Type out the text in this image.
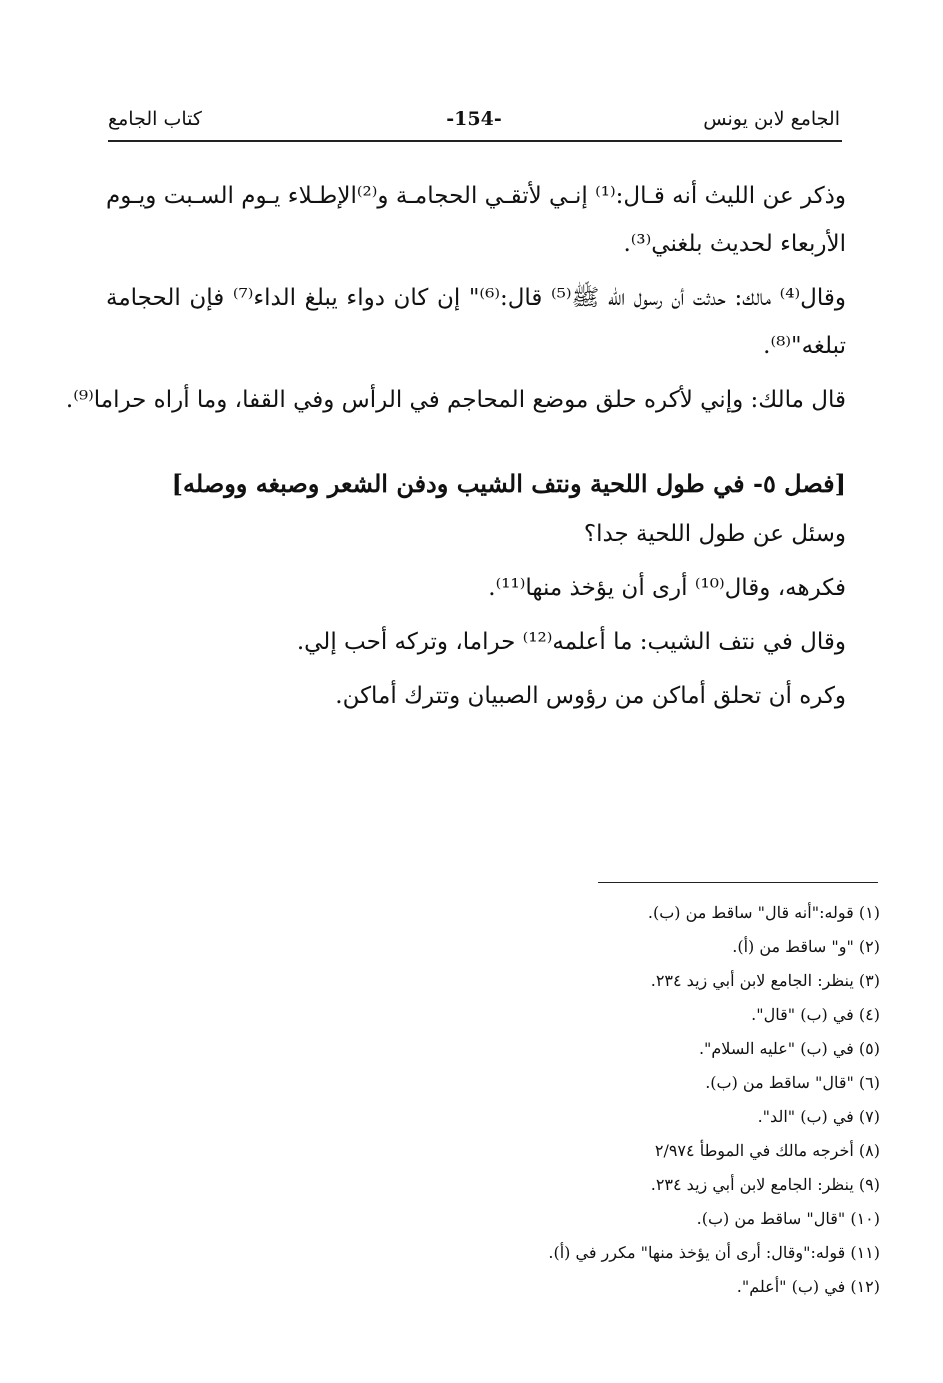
الجامع لابن يونس
-154-
كتاب الجامع

وذكر عن الليث أنه قـال:⁽¹⁾ إنـي لأتقـي الحجامـة و⁽²⁾الإطـلاء يـوم السـبت ويـوم الأربعاء لحديث بلغني⁽³⁾.

وقال⁽⁴⁾ مالك: حدثت أن رسول الله ﷺ⁽⁵⁾ قال:⁽⁶⁾" إن كان دواء يبلغ الداء⁽⁷⁾ فإن الحجامة تبلغه"⁽⁸⁾.

قال مالك: وإني لأكره حلق موضع المحاجم في الرأس وفي القفا، وما أراه حراما⁽⁹⁾.

[فصل ٥- في طول اللحية ونتف الشيب ودفن الشعر وصبغه ووصله]

وسئل عن طول اللحية جدا؟

فكرهه، وقال⁽¹⁰⁾ أرى أن يؤخذ منها⁽¹¹⁾.

وقال في نتف الشيب: ما أعلمه⁽¹²⁾ حراما، وتركه أحب إلي.

وكره أن تحلق أماكن من رؤوس الصبيان وتترك أماكن.

(١) قوله:"أنه قال" ساقط من (ب).
(٢) "و" ساقط من (أ).
(٣) ينظر: الجامع لابن أبي زيد ٢٣٤.
(٤) في (ب) "قال".
(٥) في (ب) "عليه السلام".
(٦) "قال" ساقط من (ب).
(٧) في (ب) "الد".
(٨) أخرجه مالك في الموطأ ٢/٩٧٤
(٩) ينظر: الجامع لابن أبي زيد ٢٣٤.
(١٠) "قال" ساقط من (ب).
(١١) قوله:"وقال: أرى أن يؤخذ منها" مكرر في (أ).
(١٢) في (ب) "أعلم".
